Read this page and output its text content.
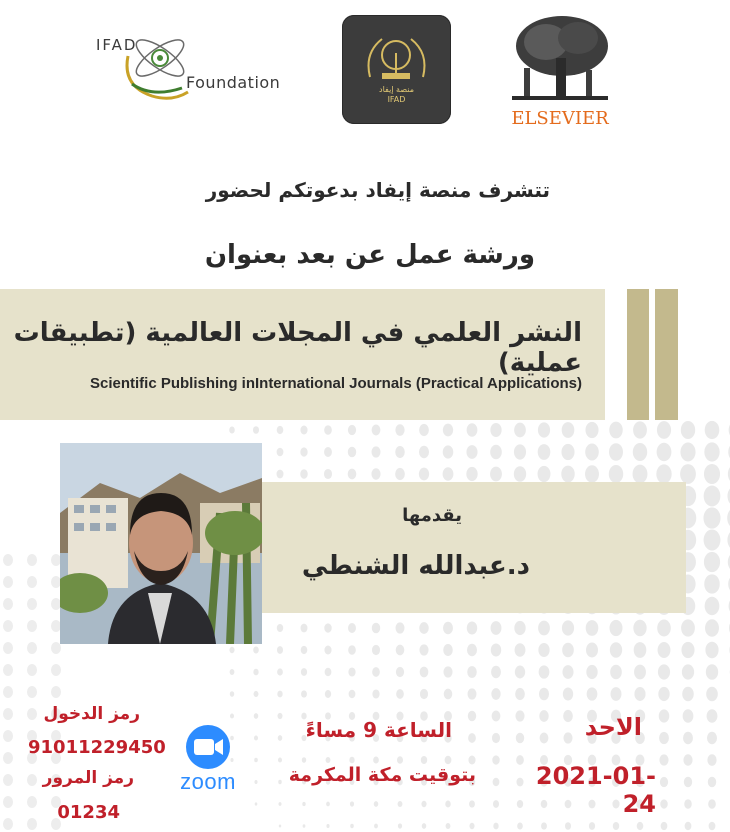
IFAD
Foundation	منصة إيفاد
IFAD
ELSEVIER
تتشرف منصة إيفاد بدعوتكم لحضور
ورشة عمل عن بعد بعنوان
النشر العلمي في المجلات العالمية (تطبيقات عملية)
Scientific Publishing inInternational Journals (Practical Applications)
يقدمها
د.عبدالله الشنطي
الاحد
2021-01-24
الساعة 9 مساءً
بتوقيت مكة المكرمة
zoom
رمز الدخول
91011229450
رمز المرور
01234
